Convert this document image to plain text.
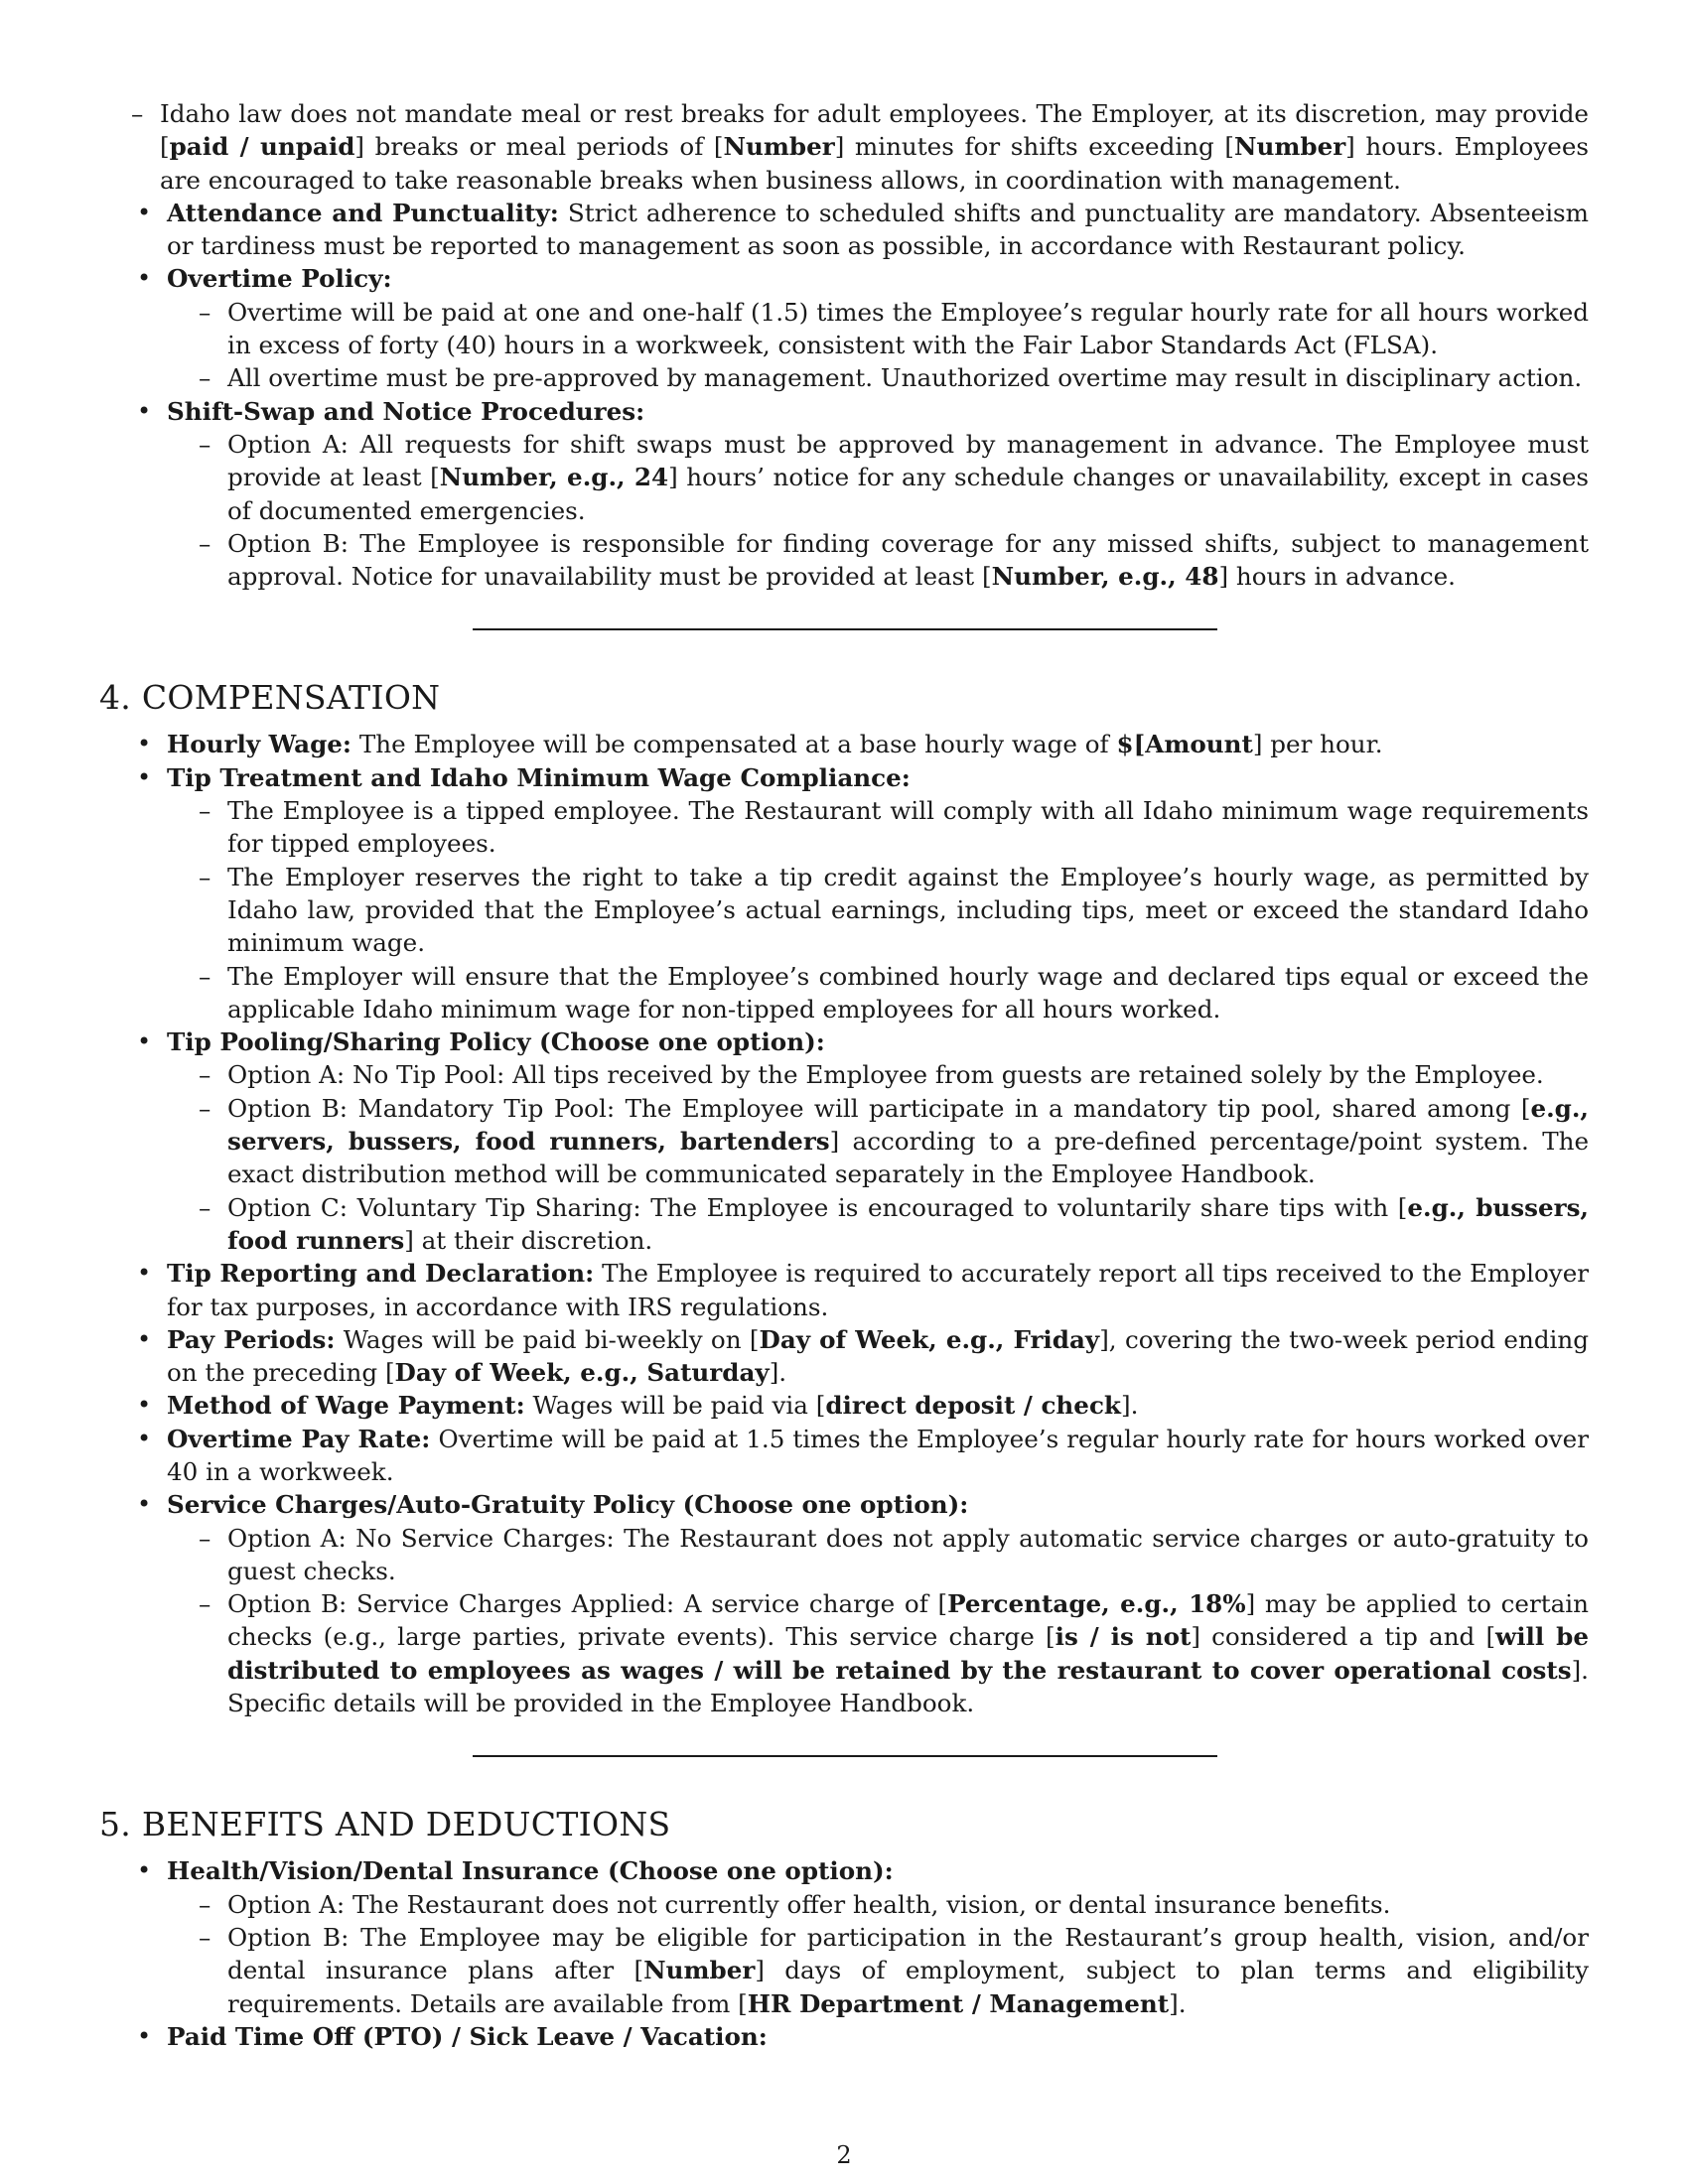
– Idaho law does not mandate meal or rest breaks for adult employees. The Employer, at its discretion, may provide [paid / unpaid] breaks or meal periods of [Number] minutes for shifts exceeding [Number] hours. Employees are encouraged to take reasonable breaks when business allows, in coordination with management.
• Attendance and Punctuality: Strict adherence to scheduled shifts and punctuality are mandatory. Absenteeism or tardiness must be reported to management as soon as possible, in accordance with Restaurant policy.
• Overtime Policy:
– Overtime will be paid at one and one-half (1.5) times the Employee’s regular hourly rate for all hours worked in excess of forty (40) hours in a workweek, consistent with the Fair Labor Standards Act (FLSA).
– All overtime must be pre-approved by management. Unauthorized overtime may result in disciplinary action.
• Shift-Swap and Notice Procedures:
– Option A: All requests for shift swaps must be approved by management in advance. The Employee must provide at least [Number, e.g., 24] hours’ notice for any schedule changes or unavailability, except in cases of documented emergencies.
– Option B: The Employee is responsible for finding coverage for any missed shifts, subject to management approval. Notice for unavailability must be provided at least [Number, e.g., 48] hours in advance.
4. COMPENSATION
• Hourly Wage: The Employee will be compensated at a base hourly wage of $[Amount] per hour.
• Tip Treatment and Idaho Minimum Wage Compliance:
– The Employee is a tipped employee. The Restaurant will comply with all Idaho minimum wage requirements for tipped employees.
– The Employer reserves the right to take a tip credit against the Employee’s hourly wage, as permitted by Idaho law, provided that the Employee’s actual earnings, including tips, meet or exceed the standard Idaho minimum wage.
– The Employer will ensure that the Employee’s combined hourly wage and declared tips equal or exceed the applicable Idaho minimum wage for non-tipped employees for all hours worked.
• Tip Pooling/Sharing Policy (Choose one option):
– Option A: No Tip Pool: All tips received by the Employee from guests are retained solely by the Employee.
– Option B: Mandatory Tip Pool: The Employee will participate in a mandatory tip pool, shared among [e.g., servers, bussers, food runners, bartenders] according to a pre-defined percentage/point system. The exact distribution method will be communicated separately in the Employee Handbook.
– Option C: Voluntary Tip Sharing: The Employee is encouraged to voluntarily share tips with [e.g., bussers, food runners] at their discretion.
• Tip Reporting and Declaration: The Employee is required to accurately report all tips received to the Employer for tax purposes, in accordance with IRS regulations.
• Pay Periods: Wages will be paid bi-weekly on [Day of Week, e.g., Friday], covering the two-week period ending on the preceding [Day of Week, e.g., Saturday].
• Method of Wage Payment: Wages will be paid via [direct deposit / check].
• Overtime Pay Rate: Overtime will be paid at 1.5 times the Employee’s regular hourly rate for hours worked over 40 in a workweek.
• Service Charges/Auto-Gratuity Policy (Choose one option):
– Option A: No Service Charges: The Restaurant does not apply automatic service charges or auto-gratuity to guest checks.
– Option B: Service Charges Applied: A service charge of [Percentage, e.g., 18%] may be applied to certain checks (e.g., large parties, private events). This service charge [is / is not] considered a tip and [will be distributed to employees as wages / will be retained by the restaurant to cover operational costs]. Specific details will be provided in the Employee Handbook.
5. BENEFITS AND DEDUCTIONS
• Health/Vision/Dental Insurance (Choose one option):
– Option A: The Restaurant does not currently offer health, vision, or dental insurance benefits.
– Option B: The Employee may be eligible for participation in the Restaurant’s group health, vision, and/or dental insurance plans after [Number] days of employment, subject to plan terms and eligibility requirements. Details are available from [HR Department / Management].
• Paid Time Off (PTO) / Sick Leave / Vacation:
2
